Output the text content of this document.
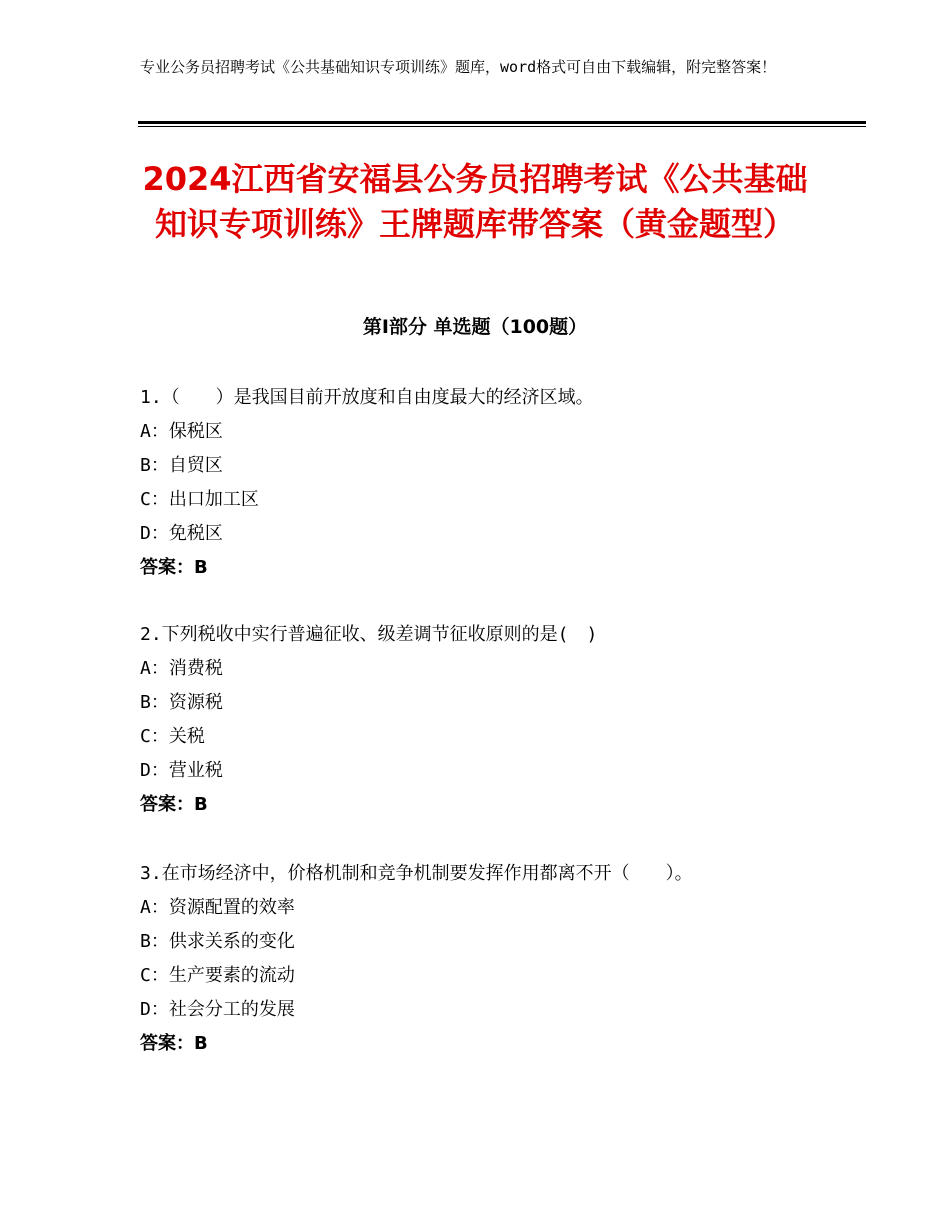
专业公务员招聘考试《公共基础知识专项训练》题库，word格式可自由下载编辑，附完整答案！

2024江西省安福县公务员招聘考试《公共基础知识专项训练》王牌题库带答案（黄金题型）
第Ⅰ部分 单选题（100题）

1.（　　）是我国目前开放度和自由度最大的经济区域。

A：保税区

B：自贸区

C：出口加工区

D：免税区

答案：B

2.下列税收中实行普遍征收、级差调节征收原则的是(　)

A：消费税

B：资源税

C：关税

D：营业税

答案：B

3.在市场经济中，价格机制和竞争机制要发挥作用都离不开（　　）。

A：资源配置的效率

B：供求关系的变化

C：生产要素的流动

D：社会分工的发展

答案：B
